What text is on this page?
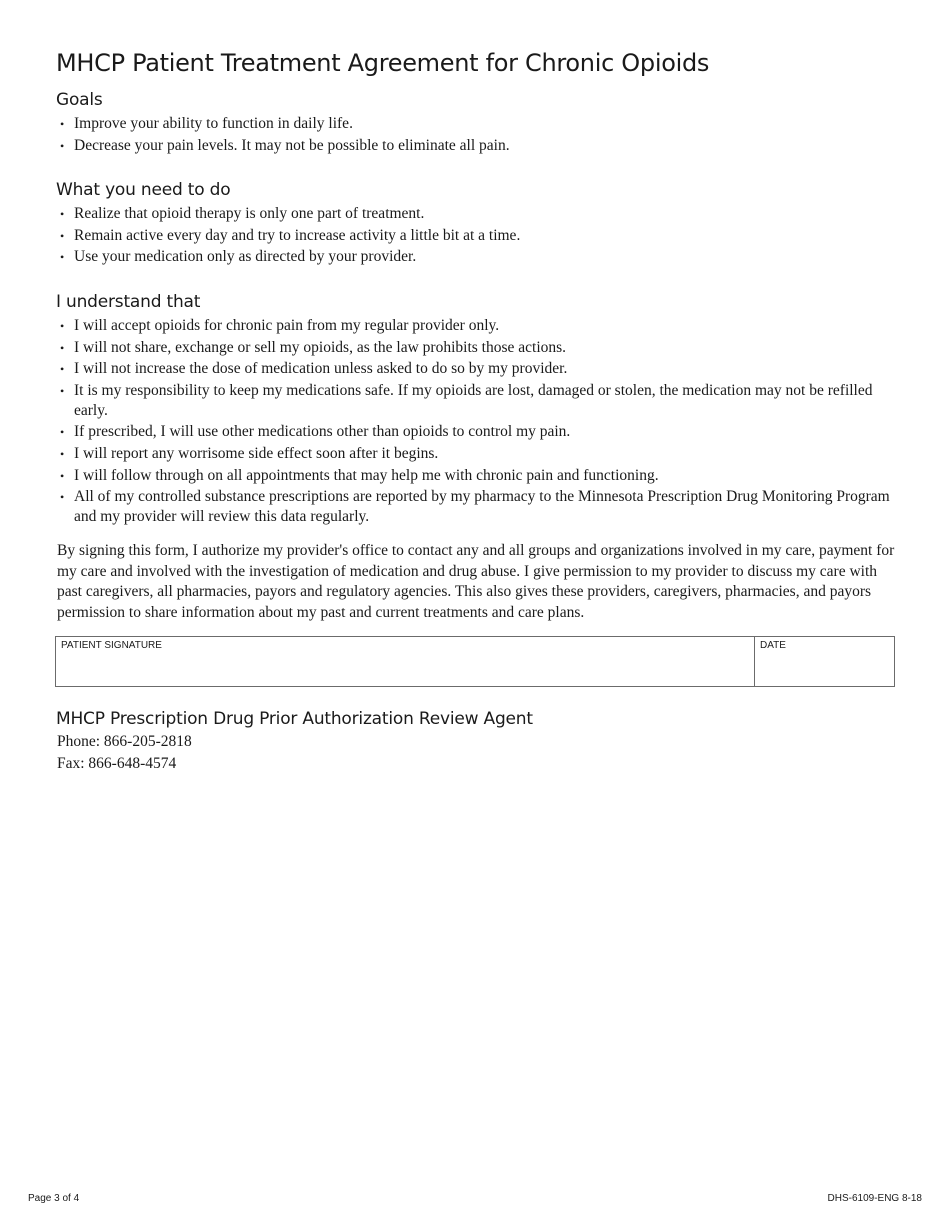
MHCP Patient Treatment Agreement for Chronic Opioids
Goals
• Improve your ability to function in daily life.
• Decrease your pain levels. It may not be possible to eliminate all pain.
What you need to do
• Realize that opioid therapy is only one part of treatment.
• Remain active every day and try to increase activity a little bit at a time.
• Use your medication only as directed by your provider.
I understand that
• I will accept opioids for chronic pain from my regular provider only.
• I will not share, exchange or sell my opioids, as the law prohibits those actions.
• I will not increase the dose of medication unless asked to do so by my provider.
• It is my responsibility to keep my medications safe. If my opioids are lost, damaged or stolen, the medication may not be refilled early.
• If prescribed, I will use other medications other than opioids to control my pain.
• I will report any worrisome side effect soon after it begins.
• I will follow through on all appointments that may help me with chronic pain and functioning.
• All of my controlled substance prescriptions are reported by my pharmacy to the Minnesota Prescription Drug Monitoring Program and my provider will review this data regularly.

By signing this form, I authorize my provider's office to contact any and all groups and organizations involved in my care, payment for my care and involved with the investigation of medication and drug abuse. I give permission to my provider to discuss my care with past caregivers, all pharmacies, payors and regulatory agencies. This also gives these providers, caregivers, pharmacies, and payors permission to share information about my past and current treatments and care plans.

PATIENT SIGNATURE	DATE
MHCP Prescription Drug Prior Authorization Review Agent

Phone: 866-205-2818

Fax: 866-648-4574

Page 3 of 4	DHS-6109-ENG 8-18
